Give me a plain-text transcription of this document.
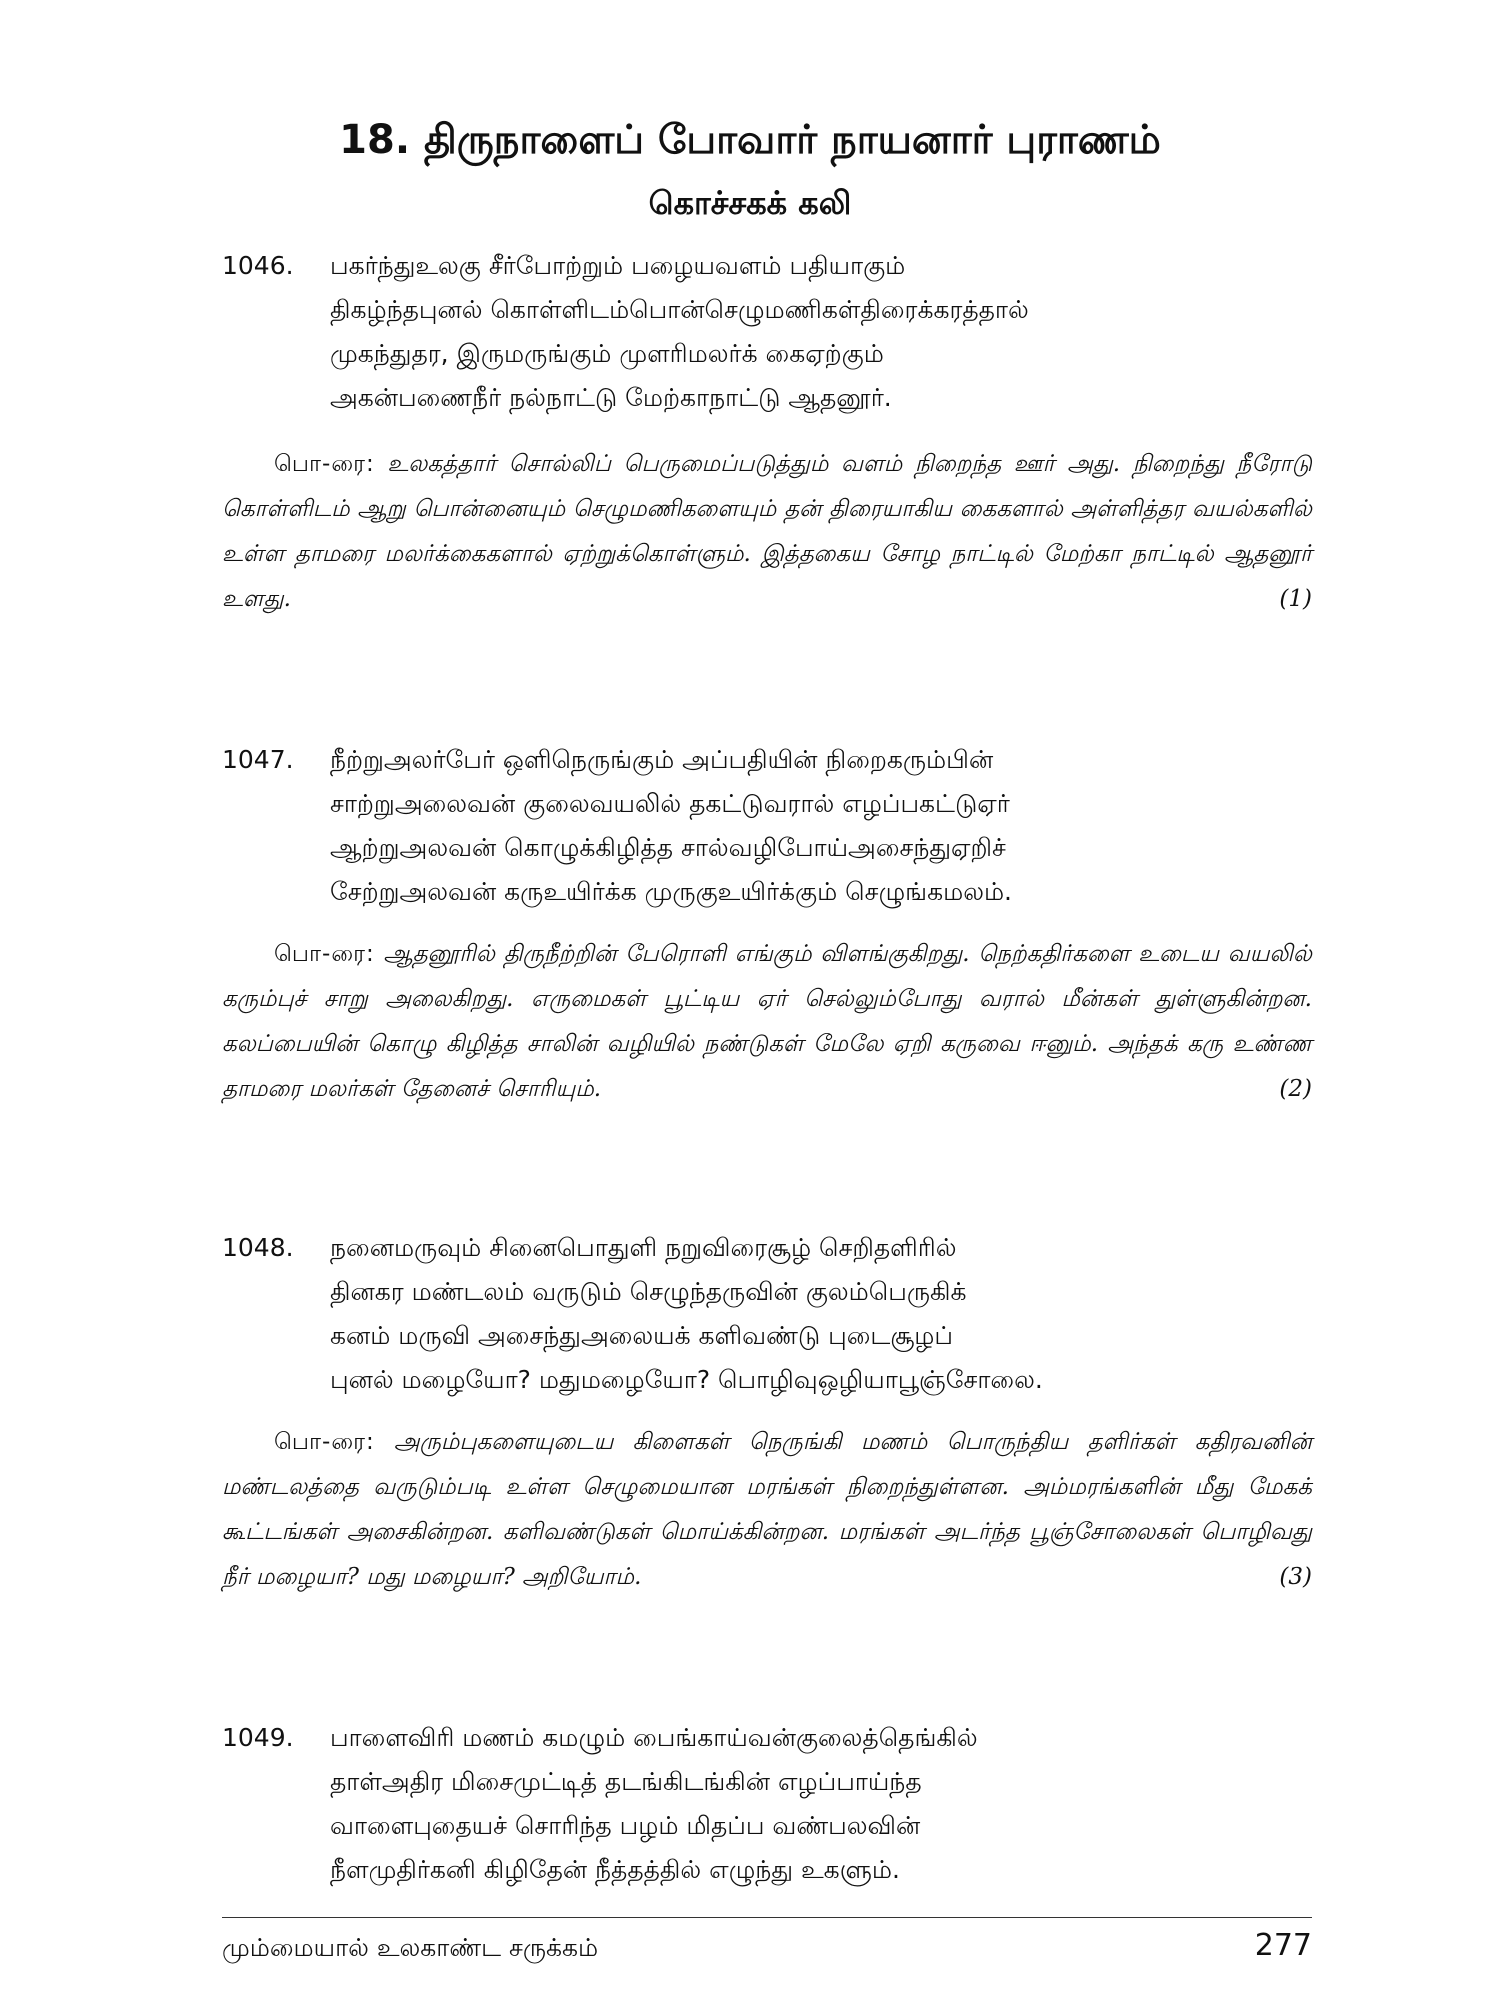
18. திருநாளைப் போவார் நாயனார் புராணம்
கொச்சகக் கலி
1046. பகர்ந்துஉலகு சீர்போற்றும் பழையவளம் பதியாகும்
திகழ்ந்தபுனல் கொள்ளிடம்பொன்செழுமணிகள்திரைக்கரத்தால்
முகந்துதர, இருமருங்கும் முளரிமலர்க் கைஏற்கும்
அகன்பணைநீர் நல்நாட்டு மேற்காநாட்டு ஆதனூர்.
பொ-ரை: உலகத்தார் சொல்லிப் பெருமைப்படுத்தும் வளம் நிறைந்த ஊர் அது. நிறைந்து நீரோடு கொள்ளிடம் ஆறு பொன்னையும் செழுமணிகளையும் தன் திரையாகிய கைகளால் அள்ளித்தர வயல்களில் உள்ள தாமரை மலர்க்கைகளால் ஏற்றுக்கொள்ளும். இத்தகைய சோழ நாட்டில் மேற்கா நாட்டில் ஆதனூர் உளது.	(1)
1047. நீற்றுஅலர்பேர் ஒளிநெருங்கும் அப்பதியின் நிறைகரும்பின்
சாற்றுஅலைவன் குலைவயலில் தகட்டுவரால் எழப்பகட்டுஏர்
ஆற்றுஅலவன் கொழுக்கிழித்த சால்வழிபோய்அசைந்துஏறிச்
சேற்றுஅலவன் கருஉயிர்க்க முருகுஉயிர்க்கும் செழுங்கமலம்.
பொ-ரை: ஆதனூரில் திருநீற்றின் பேரொளி எங்கும் விளங்குகிறது. நெற்கதிர்களை உடைய வயலில் கரும்புச் சாறு அலைகிறது. எருமைகள் பூட்டிய ஏர் செல்லும்போது வரால் மீன்கள் துள்ளுகின்றன. கலப்பையின் கொழு கிழித்த சாலின் வழியில் நண்டுகள் மேலே ஏறி கருவை ஈனும். அந்தக் கரு உண்ண தாமரை மலர்கள் தேனைச் சொரியும்.	(2)
1048. நனைமருவும் சினைபொதுளி நறுவிரைசூழ் செறிதளிரில்
தினகர மண்டலம் வருடும் செழுந்தருவின் குலம்பெருகிக்
கனம் மருவி அசைந்துஅலையக் களிவண்டு புடைசூழப்
புனல் மழையோ? மதுமழையோ? பொழிவுஒழியாபூஞ்சோலை.
பொ-ரை: அரும்புகளையுடைய கிளைகள் நெருங்கி மணம் பொருந்திய தளிர்கள் கதிரவனின் மண்டலத்தை வருடும்படி உள்ள செழுமையான மரங்கள் நிறைந்துள்ளன. அம்மரங்களின் மீது மேகக் கூட்டங்கள் அசைகின்றன. களிவண்டுகள் மொய்க்கின்றன. மரங்கள் அடர்ந்த பூஞ்சோலைகள் பொழிவது நீர் மழையா? மது மழையா? அறியோம்.	(3)
1049. பாளைவிரி மணம் கமழும் பைங்காய்வன்குலைத்தெங்கில்
தாள்அதிர மிசைமுட்டித் தடங்கிடங்கின் எழப்பாய்ந்த
வாளைபுதையச் சொரிந்த பழம் மிதப்ப வண்பலவின்
நீளமுதிர்கனி கிழிதேன் நீத்தத்தில் எழுந்து உகளும்.
மும்மையால் உலகாண்ட சருக்கம்	277
